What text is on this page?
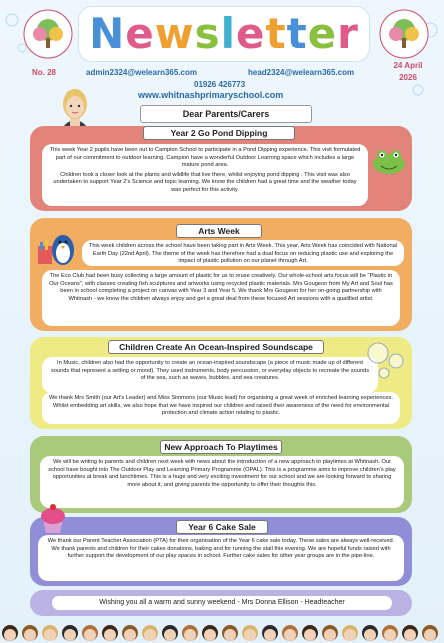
Newsletter
No. 28	admin2324@welearn365.com	head2324@welearn365.com
01926 426773
24 April
2026
www.whitnashprimaryschool.com
Dear Parents/Carers
Year 2 Go Pond Dipping

This week Year 2 pupils have been out to Campion School to participate in a Pond Dipping experience. This visit formulated part of our commitment to outdoor learning. Campion have a wonderful Outdoor Learning space which includes a large mature pond area.

Children took a closer look at the plants and wildlife that live there, whilst enjoying pond dipping . This visit was also undertaken to support Year 2's Science and topic learning. We know the children had a great time and the weather today was perfect for this activity.

Arts Week

This week children across the school have been taking part in Arts Week. This year, Arts Week has coincided with National Earth Day (22nd April). The theme of the week has therefore had a dual focus on reducing plastic use and exploring the impact of plastic pollution on our planet through Art.

The Eco Club had been busy collecting a large amount of plastic for us to reuse creatively. Our whole-school arts focus will be "Plastic in Our Oceans", with classes creating fish sculptures and artworks using recycled plastic materials. Mrs Gougeon from My Art and Soul has been in school completing a project on canvas with Year 3 and Year 5. We thank Mrs Gougeon for her on-going partnership with Whitnash - we know the children always enjoy and get a great deal from these focused Art sessions with a qualified artist.

Children Create An Ocean-Inspired Soundscape

In Music, children also had the opportunity to create an ocean-inspired soundscape (a piece of music made up of different sounds that represent a setting or mood). They used instruments, body percussion, or everyday objects to recreate the sounds of the sea, such as waves, bubbles, and sea creatures.

We thank Mrs Smith (our Art's Leader) and Miss Simmons (our Music lead) for organising a great week of enriched learning experiences. Whilst embedding art skills, we also hope that we have inspired our children and raised their awareness of the need for environmental protection and climate action relating to plastic.

New Approach To Playtimes

We will be writing to parents and children next week with news about the introduction of a new approach to playtimes at Whitnash. Our school have bought into The Outdoor Play and Learning Primary Programme (OPAL). This is a programme aims to improve children's play opportunities at break and lunchtimes. This is a huge and very exciting investment for our school and we are looking forward to sharing more about it, and giving parents the opportunity to offer their thoughts this.

Year 6 Cake Sale

We thank our Parent Teacher Association (PTA) for their organisation of the Year 6 cake sale today. These sales are always well-received. We thank parents and children for their cakes donations, baking and for running the stall this evening. We are hopeful funds raised with further support the development of our play spaces in school. Further cake sales for other year groups are in the pipe-line.

Wishing you all a warm and sunny weekend - Mrs Donna Ellison - Headteacher
